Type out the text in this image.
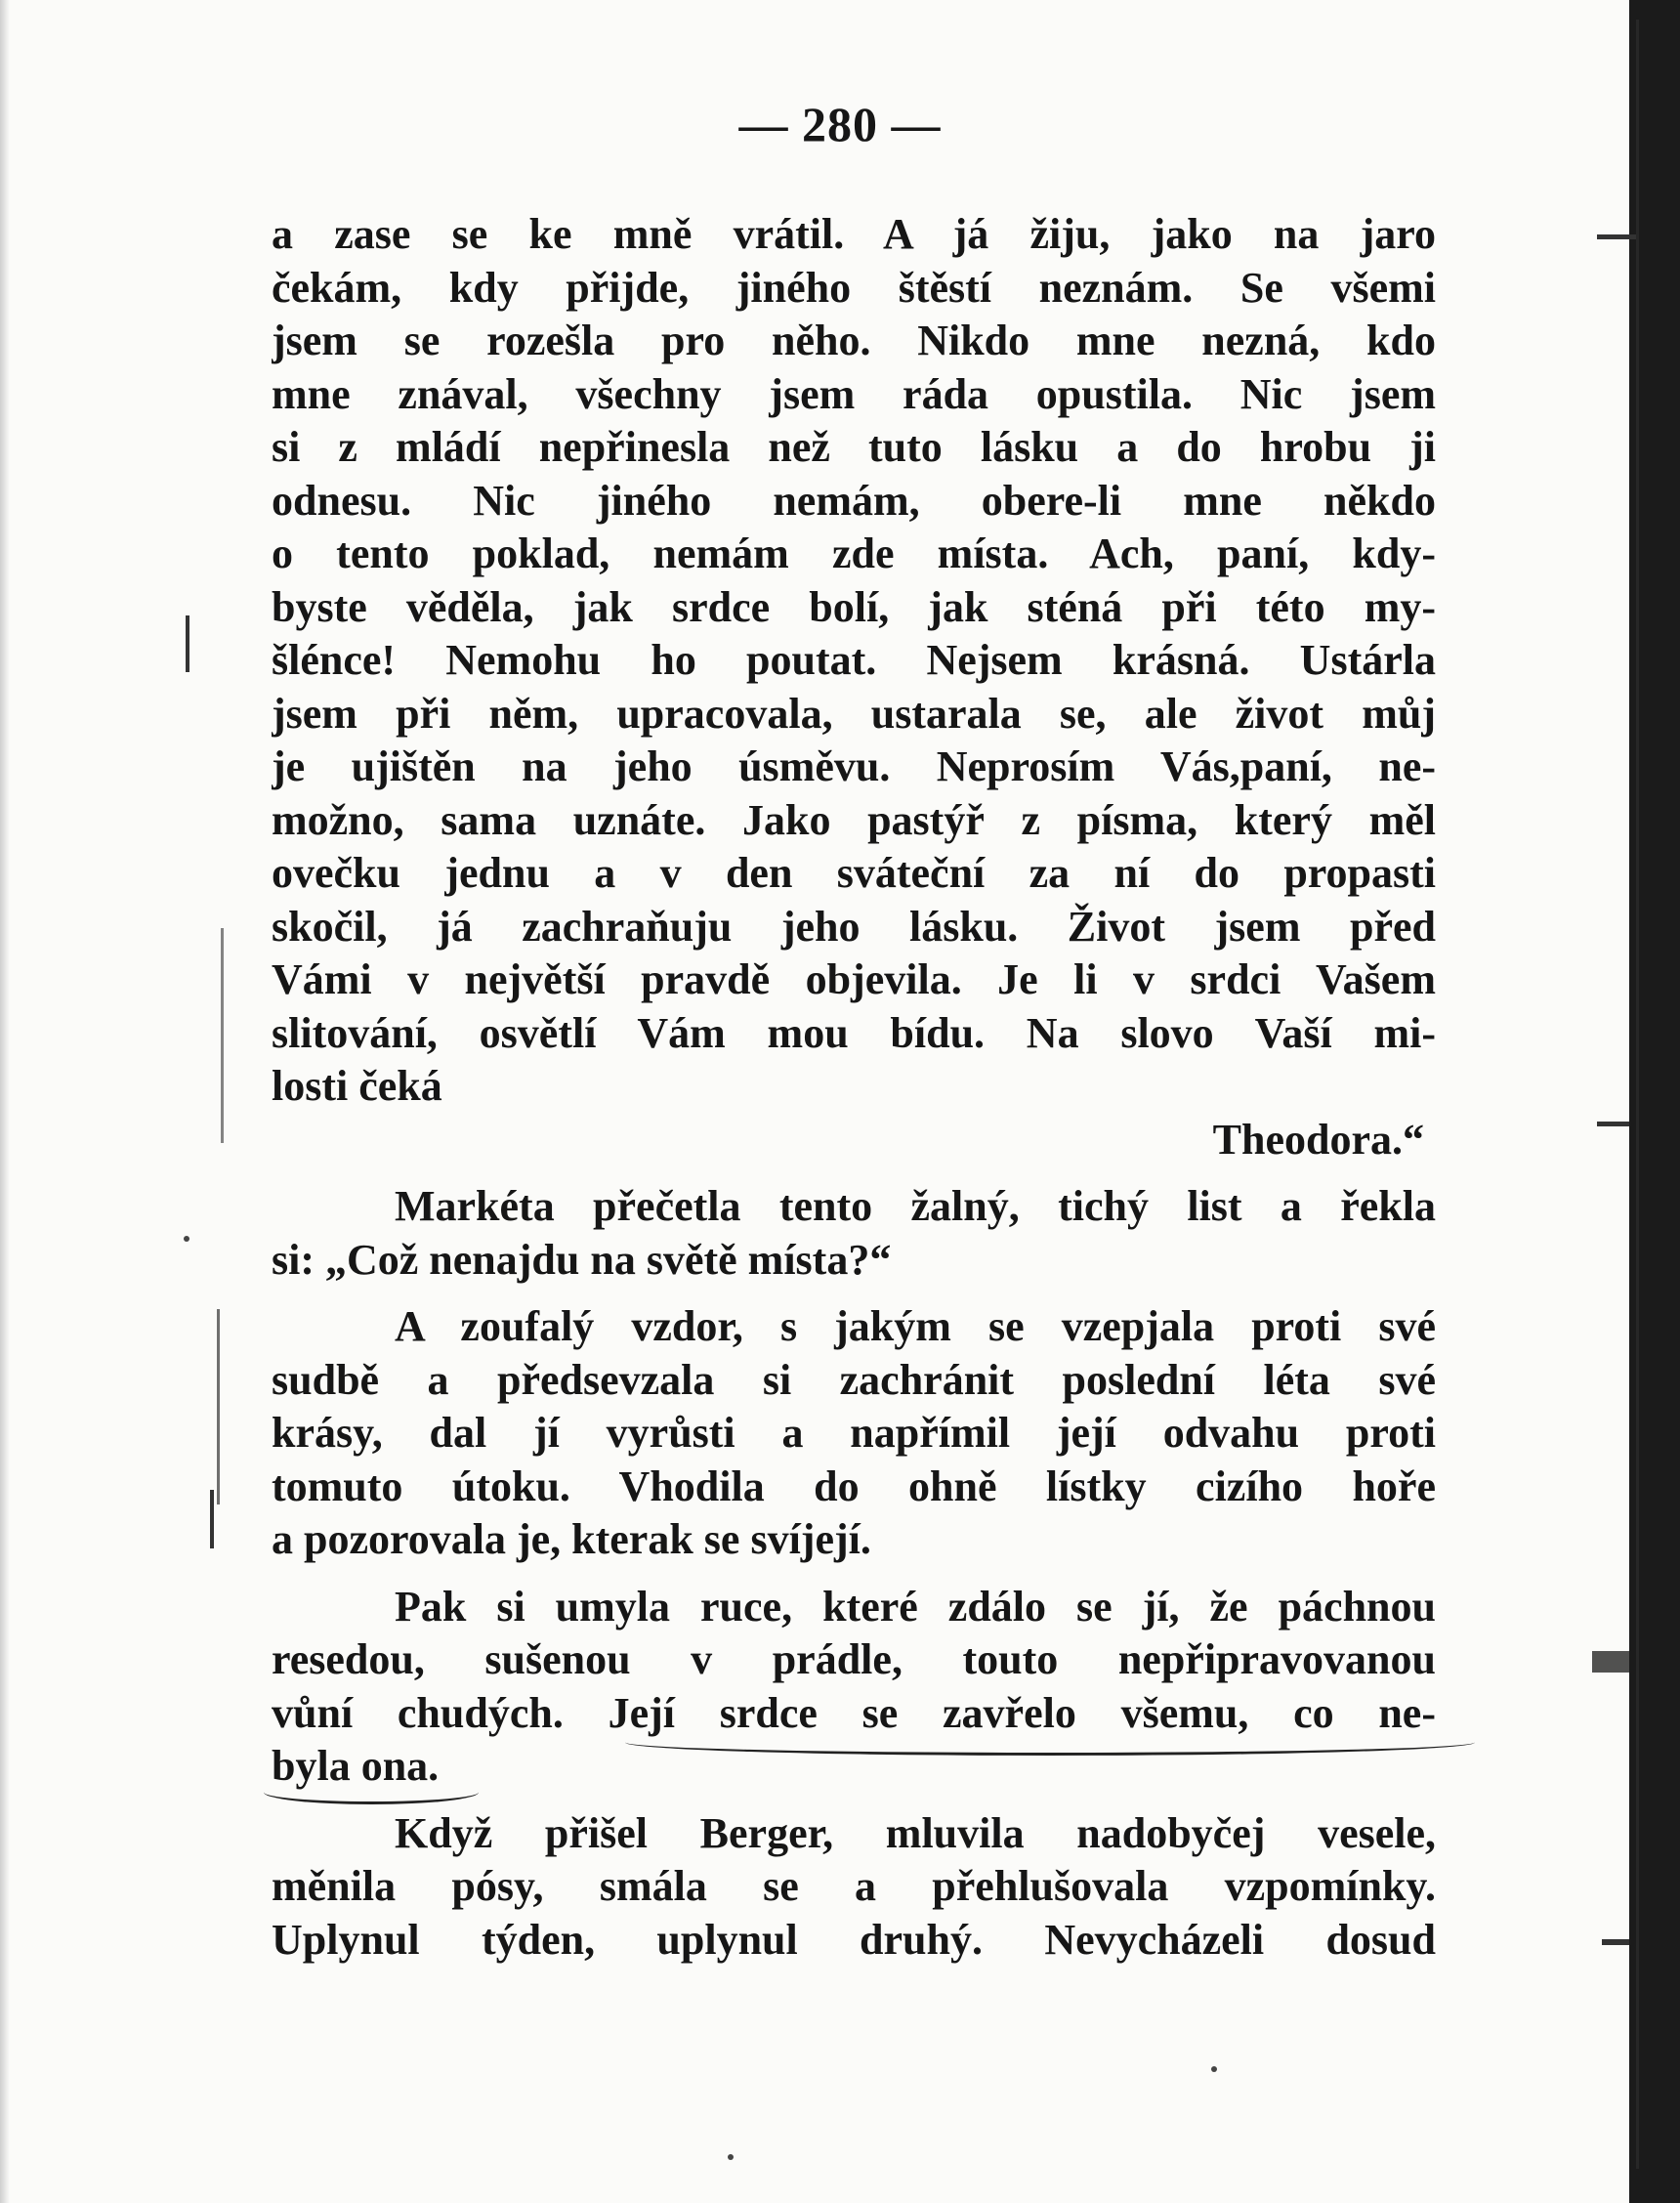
— 280 —
a zase se ke mně vrátil. A já žiju, jako na jaro
čekám, kdy přijde, jiného štěstí neznám. Se všemi
jsem se rozešla pro něho. Nikdo mne nezná, kdo
mne znával, všechny jsem ráda opustila. Nic jsem
si z mládí nepřinesla než tuto lásku a do hrobu ji
odnesu. Nic jiného nemám, obere-li mne někdo
o tento poklad, nemám zde místa. Ach, paní, kdy-
byste věděla, jak srdce bolí, jak sténá při této my-
šlénce! Nemohu ho poutat. Nejsem krásná. Ustárla
jsem při něm, upracovala, ustarala se, ale život můj
je ujištěn na jeho úsměvu. Neprosím Vás,paní, ne-
možno, sama uznáte. Jako pastýř z písma, který měl
ovečku jednu a v den sváteční za ní do propasti
skočil, já zachraňuju jeho lásku. Život jsem před
Vámi v největší pravdě objevila. Je li v srdci Vašem
slitování, osvětlí Vám mou bídu. Na slovo Vaší mi-
losti čeká
Theodora.“
Markéta přečetla tento žalný, tichý list a řekla
si: „Což nenajdu na světě místa?“
A zoufalý vzdor, s jakým se vzepjala proti své
sudbě a předsevzala si zachránit poslední léta své
krásy, dal jí vyrůsti a napřímil její odvahu proti
tomuto útoku. Vhodila do ohně lístky cizího hoře
a pozorovala je, kterak se svíjejí.
Pak si umyla ruce, které zdálo se jí, že páchnou
resedou, sušenou v prádle, touto nepřipravovanou
vůní chudých. Její srdce se zavřelo všemu, co ne-
byla ona.
Když přišel Berger, mluvila nadobyčej vesele,
měnila pósy, smála se a přehlušovala vzpomínky.
Uplynul týden, uplynul druhý. Nevycházeli dosud
